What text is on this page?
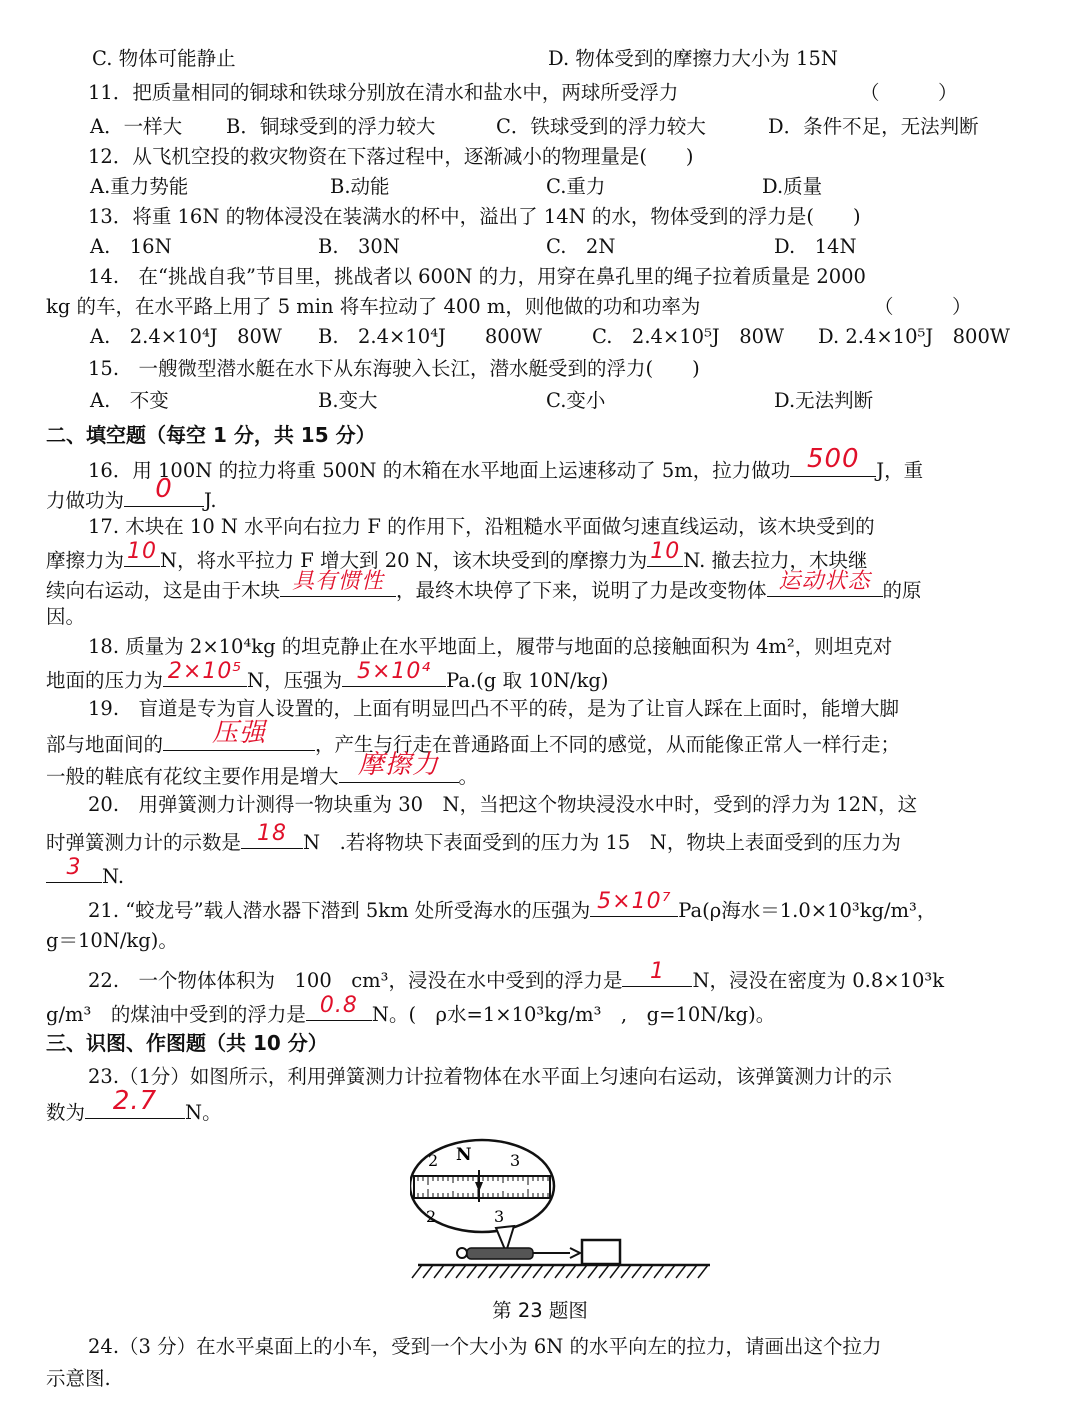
C. 物体可能静止	D. 物体受到的摩擦力大小为 15N
11．把质量相同的铜球和铁球分别放在清水和盐水中，两球所受浮力	（　　　）
A．一样大 B．铜球受到的浮力较大	C．铁球受到的浮力较大	D．条件不足，无法判断
12．从飞机空投的救灾物资在下落过程中，逐渐减小的物理量是(　　)
A.重力势能	B.动能	C.重力	D.质量
13．将重 16N 的物体浸没在装满水的杯中，溢出了 14N 的水，物体受到的浮力是(　　)
A.　16N	B.　30N	C.　2N	D.　14N
14.　在“挑战自我”节目里，挑战者以 600N 的力，用穿在鼻孔里的绳子拉着质量是 2000
kg 的车，在水平路上用了 5 min 将车拉动了 400 m，则他做的功和功率为	（　　　）
A.　2.4×10⁴J　80W B.　2.4×10⁴J　　800W	C.　2.4×10⁵J　80W D. 2.4×10⁵J　800W
15.　一艘微型潜水艇在水下从东海驶入长江，潜水艇受到的浮力(　　)
A.　不变	B.变大	C.变小	D.无法判断
二、填空题（每空 1 分，共 15 分）
16．用 100N 的拉力将重 500N 的木箱在水平地面上运速移动了 5m，拉力做功 500 J，重
力做功为	0	J.
17. 木块在 10 N 水平向右拉力 F 的作用下，沿粗糙水平面做匀速直线运动，该木块受到的
摩擦力为 10 N，将水平拉力 F 增大到 20 N，该木块受到的摩擦力为 10 N. 撤去拉力，木块继
续向右运动，这是由于木块 具有惯性 ，最终木块停了下来，说明了力是改变物体 运动状态 的原
因。
18. 质量为 2×10⁴kg 的坦克静止在水平地面上，履带与地面的总接触面积为 4m²，则坦克对
地面的压力为 2×10⁵ N，压强为 5×10⁴ Pa.(g 取 10N/kg)
19.　盲道是专为盲人设置的，上面有明显凹凸不平的砖，是为了让盲人踩在上面时，能增大脚
部与地面间的	压强	，产生与行走在普通路面上不同的感觉，从而能像正常人一样行走；
一般的鞋底有花纹主要作用是增大 摩擦力	。
20.　用弹簧测力计测得一物块重为 30　N，当把这个物块浸没水中时，受到的浮力为 12N，这
时弹簧测力计的示数是 18 N　.若将物块下表面受到的压力为 15　N，物块上表面受到的压力为
3	N.
21. “蛟龙号”载人潜水器下潜到 5km 处所受海水的压强为 5×10⁷ Pa(ρ海水＝1.0×10³kg/m³，
g＝10N/kg)。
22.　一个物体体积为　100　cm³，浸没在水中受到的浮力是	1	N，浸没在密度为 0.8×10³k
g/m³　的煤油中受到的浮力是 0.8 N。(　ρ水=1×10³kg/m³　,　g=10N/kg)。
三、识图、作图题（共 10 分）
23.（1分）如图所示，利用弹簧测力计拉着物体在水平面上匀速向右运动，该弹簧测力计的示
数为	2.7	N。
2 N 3
2	3
第 23 题图
24.（3 分）在水平桌面上的小车，受到一个大小为 6N 的水平向左的拉力，请画出这个拉力
示意图.
